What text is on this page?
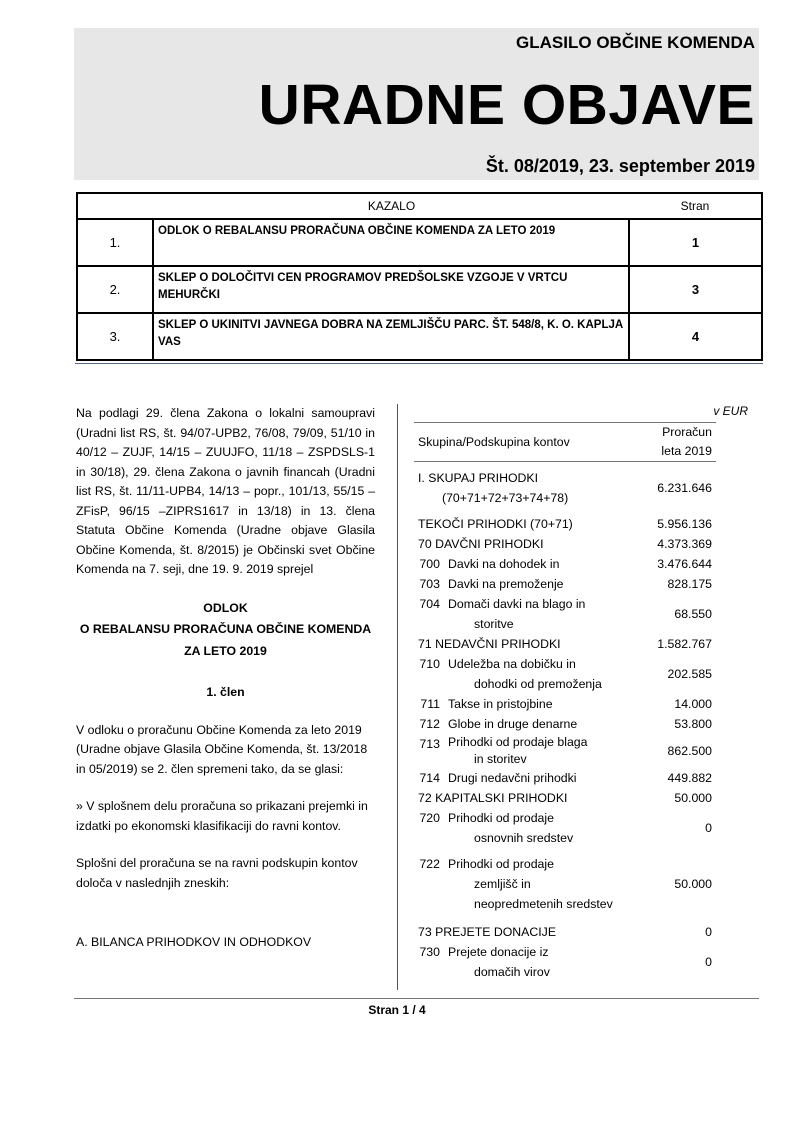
GLASILO OBČINE KOMENDA
URADNE OBJAVE
Št. 08/2019, 23. september 2019
KAZALO		Stran
1.	ODLOK O REBALANSU PRORAČUNA OBČINE KOMENDA ZA LETO 2019	1
2.	SKLEP O DOLOČITVI CEN PROGRAMOV PREDŠOLSKE VZGOJE V VRTCU MEHURČKI	3
3.	SKLEP O UKINITVI JAVNEGA DOBRA NA ZEMLJIŠČU PARC. ŠT. 548/8, K. O. KAPLJA VAS	4

Na podlagi 29. člena Zakona o lokalni samoupravi (Uradni list RS, št. 94/07-UPB2, 76/08, 79/09, 51/10 in 40/12 – ZUJF, 14/15 – ZUUJFO, 11/18 – ZSPDSLS-1 in 30/18), 29. člena Zakona o javnih financah (Uradni list RS, št. 11/11-UPB4, 14/13 – popr., 101/13, 55/15 –ZFisP, 96/15 –ZIPRS1617 in 13/18) in 13. člena Statuta Občine Komenda (Uradne objave Glasila Občine Komenda, št. 8/2015) je Občinski svet Občine Komenda na 7. seji, dne 19. 9. 2019 sprejel

ODLOK

O REBALANSU PRORAČUNA OBČINE KOMENDA

ZA LETO 2019

1. člen

V odloku o proračunu Občine Komenda za leto 2019 (Uradne objave Glasila Občine Komenda, št. 13/2018 in 05/2019) se 2. člen spremeni tako, da se glasi:

» V splošnem delu proračuna so prikazani prejemki in izdatki po ekonomski klasifikaciji do ravni kontov.

Splošni del proračuna se na ravni podskupin kontov določa v naslednjih zneskih:

A. BILANCA PRIHODKOV IN ODHODKOV

v EUR
Skupina/Podskupina kontov		Proračun
leta 2019

I. SKUPAJ PRIHODKI
(70+71+72+73+74+78)		6.231.646

TEKOČI PRIHODKI (70+71)		5.956.136
70 DAVČNI PRIHODKI		4.373.369
700	Davki na dohodek in	3.476.644
703	Davki na premoženje	828.175
704	Domači davki na blago in
storitve	68.550
71 NEDAVČNI PRIHODKI		1.582.767
710	Udeležba na dobičku in
dohodki od premoženja	202.585
711	Takse in pristojbine	14.000
712	Globe in druge denarne	53.800
713	Prihodki od prodaje blaga
in storitev	862.500
714	Drugi nedavčni prihodki	449.882
72 KAPITALSKI PRIHODKI		50.000
720	Prihodki od prodaje
osnovnih sredstev	0

722	Prihodki od prodaje
zemljišč in
neopredmetenih sredstev	50.000

73 PREJETE DONACIJE		0
730	Prejete donacije iz
domačih virov	0
Stran 1 / 4
